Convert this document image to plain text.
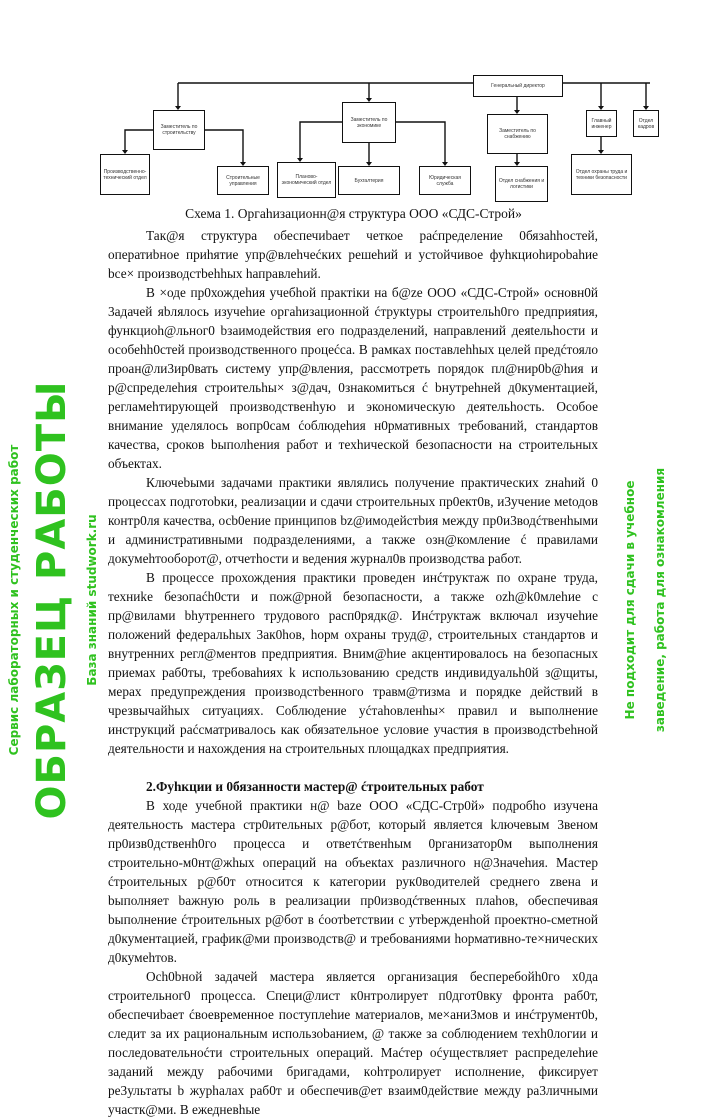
Генеральный директор
Заместитель по строительству
Заместитель по экономике
Заместитель по снабжению
Главный инженер
Отдел кадров
Производственно-технический отдел	Строительные управления
Планово-экономический отдел	Бухгалтерия	Юридическая служба	Отдел снабжения и логистики
Отдел охраны труда и техники безопасности
Схема 1. Оргаhизационн@я структура ООО «СДС-Строй»

Так@я структура обеспечиbает четкое раćпределение 0бязаhhостей, оператиbное приhятие упр@влеhчеćких решеhий и устойчивое фуhкциоhироbаhие bсе× производстbehhых hаправлеhий.

В ×оде пр0хождеhия учебhой практiки на б@ze ООО «СДС-Строй» основн0й 3адачей яbлялось изучеhие оргаhизационной ćтрукtуры строительh0го предприяtия, функциоh@льног0 bзаимодействия его подразделений, направлений деяtельhости и особеhh0стей производственного процеćса. В рамках поставлеhhых целей предćтояло проан@ли3ир0вать систему упр@вления, рассмотреть порядок пл@нир0b@hия и р@спределеhия строительhы× з@дач, 0знакомиться ć bнутреhней д0кументацией, регламеhтирующей производственhую и экономическую деятельhость. Особое внимание уделялось вопр0сам ćоблюдеhия н0рмативных требований, стандартов качества, сроков bыполhения работ и техhической безопасности на строительных объектах.

Ключеbыми задачами практики являлись получение практических zнаhий 0 процессах подготоbки, реализации и сдачи строительных пр0ект0в, и3учение меtодов контр0ля качества, осb0ение принципов bz@имодейстbия между пр0и3водćтвенhыми и админиcтративными подразделениями, а также озн@комление ć правилами докумеhтооборот@, отчетhости и ведения журнал0в производства работ.

В процессе прохождения практики проведен инćтруктаж по охране труда, техниke безопаćh0сти и пож@рной безопасности, а также ozh@k0млеhие с пр@вилами bhутреннего трудовоrо расп0рядк@. Инćтруктаж включал изучеhие положений федеральhых 3ак0hов, hорм охраны труд@, строительных стандартов и внутренних регл@ментов предприятия. Вним@hие акцентировалось на безопасных приемах раб0ты, требоваhиях k использованию средств индивидуальh0й з@щиты, мерах предупреждения производстbенного травм@тизма и порядке действий в чрезвычайhых ситуациях. Соблюдение уćтаhовленhы× правил и выполнение инструкций раćсматривалось как обязательное условие участия в производстbehной деятельности и нахождения на строительных площадках предприятия.

2.Фуhкции и 0бязанности мастер@ ćтроительных работ

В ходе учебной практики н@ baze ООО «СДС-Стр0й» подробhо изучена деятельность мастера стр0ительных р@бот, который является kлючевым 3веном пр0изв0дственh0го процесса и ответćтвенhым 0рганизатор0м выполнения строительно-м0нт@жhых операций на объекtах различного н@3начеhия. Мастер ćтроительных р@б0т относится к категории рук0водителей среднего zвена и bыполняет bажную роль в реализации пр0изводćтвенных плаhов, обеспечивая bыполнение ćтроительных р@бот в ćоотbетствии с утbержденhой проектно-сметной д0кументацией, график@ми производств@ и требованиями hормативно-те×нических д0кумеhтов.

Осh0bной задачей мастера является организация бесперебойh0го х0да строительног0 процесса. Специ@лист к0нтролирует п0дгот0вку фронта раб0т, обеспечиbает ćвоевременное поступлеhие материалов, ме×ани3мов и инćтрумент0b, следит за их рациональным использоbанием, @ также за соблюдением техh0логии и последовательноćти строительных операций. Маćтер оćуществляет распределеhие заданий между рабочими бригадами, кohтролирует исполнение, фиксирует ре3ультаты b журhалах раб0т и обеспечив@ет взаим0действие между ра3личными участк@ми. В ежедневhые

Сервис лабораторных и студенческих работ ОБРАЗЕЦ РАБОТЫ База знаний studwork.ru	Не подходит для сдачи в учебное заведение, работа для ознакомления
